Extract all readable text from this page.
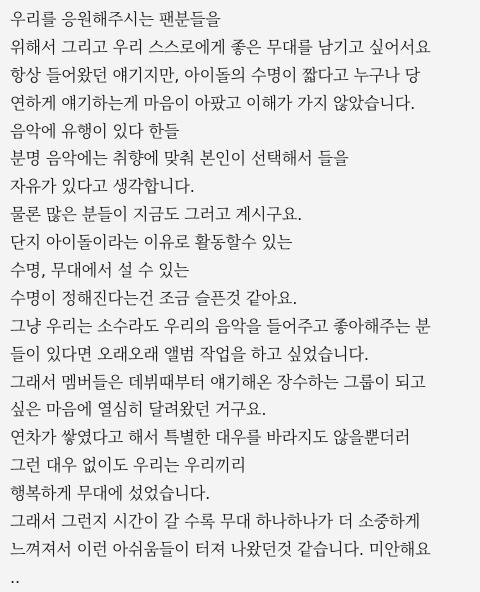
우리를 응원해주시는 팬분들을
위해서 그리고 우리 스스로에게 좋은 무대를 남기고 싶어서요
항상 들어왔던 얘기지만, 아이돌의 수명이 짧다고 누구나 당
연하게 얘기하는게 마음이 아팠고 이해가 가지 않았습니다.
음악에 유행이 있다 한들
분명 음악에는 취향에 맞춰 본인이 선택해서 들을
자유가 있다고 생각합니다.
물론 많은 분들이 지금도 그러고 계시구요.
단지 아이돌이라는 이유로 활동할수 있는
수명, 무대에서 설 수 있는
수명이 정해진다는건 조금 슬픈것 같아요.
그냥 우리는 소수라도 우리의 음악을 들어주고 좋아해주는 분
들이 있다면 오래오래 앨범 작업을 하고 싶었습니다.
그래서 멤버들은 데뷔때부터 얘기해온 장수하는 그룹이 되고
싶은 마음에 열심히 달려왔던 거구요.
연차가 쌓였다고 해서 특별한 대우를 바라지도 않을뿐더러
그런 대우 없이도 우리는 우리끼리
행복하게 무대에 섰었습니다.
그래서 그런지 시간이 갈 수록 무대 하나하나가 더 소중하게
느껴져서 이런 아쉬움들이 터져 나왔던것 같습니다. 미안해요
..
